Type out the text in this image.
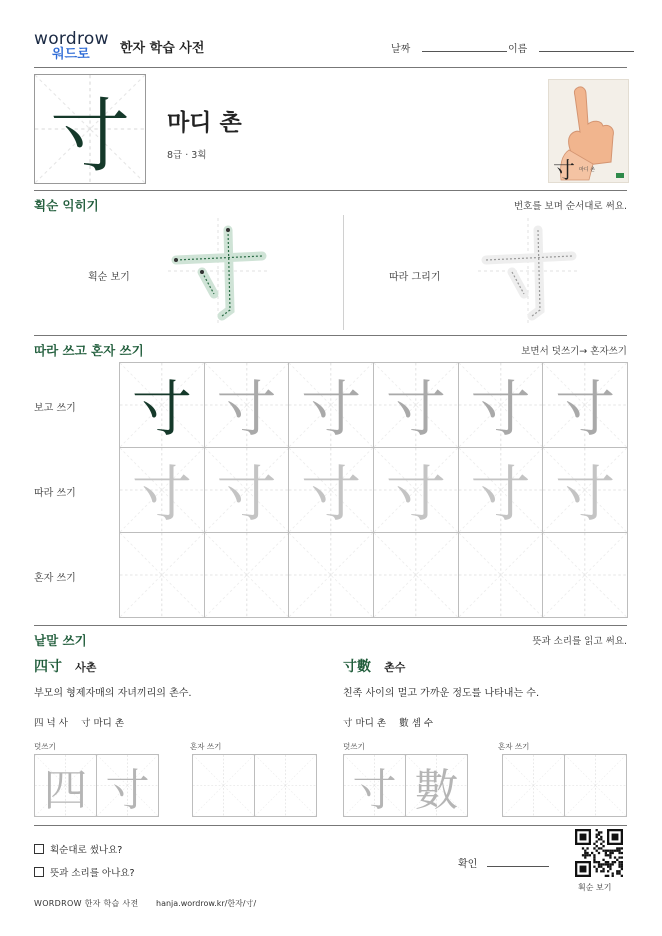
wordrow
워드로	한자 학습 사전	날짜	이름
寸	마디 촌
8급 · 3획
寸 마디 촌
획순 익히기	번호를 보며 순서대로 써요.
획순 보기	따라 그리기
따라 쓰고 혼자 쓰기	보면서 덧쓰기→ 혼자쓰기
보고 쓰기
따라 쓰기
혼자 쓰기
寸 寸 寸 寸 寸 寸
寸 寸 寸 寸 寸 寸
낱말 쓰기	뜻과 소리를 읽고 써요.
四寸 사촌
부모의 형제자매의 자녀끼리의 촌수.
四 넉 사 寸 마디 촌
덧쓰기	혼자 쓰기
四 寸
寸數 촌수
친족 사이의 멀고 가까운 정도를 나타내는 수.
寸 마디 촌 數 셈 수
덧쓰기	혼자 쓰기
寸 數
획순대로 썼나요?
뜻과 소리를 아나요?
확인
획순 보기
WORDROW 한자 학습 사전 hanja.wordrow.kr/한자/寸/
